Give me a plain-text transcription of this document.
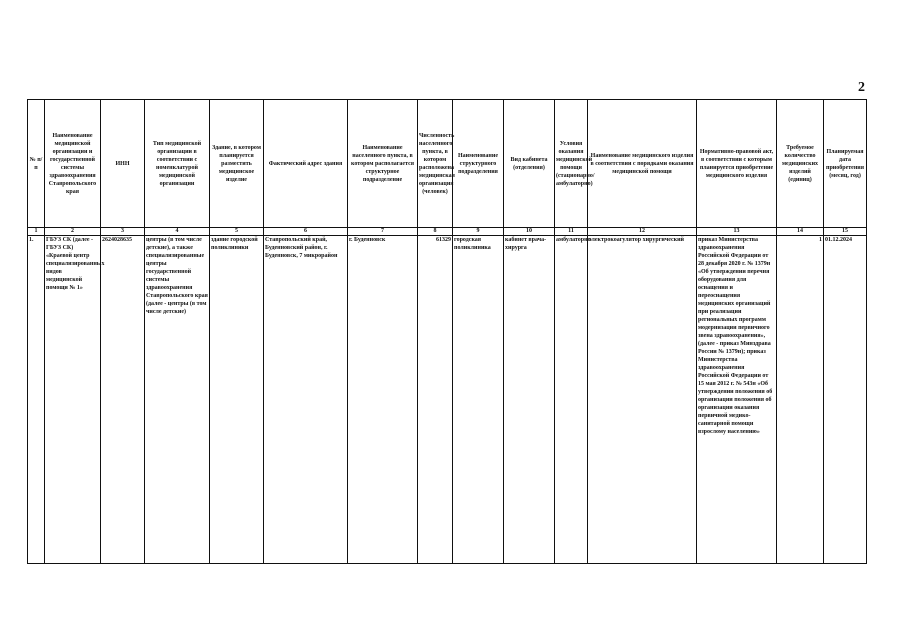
2
№ п/п	Наименование медицинской организации и государственной системы здравоохранения Ставропольского края	ИНН	Тип медицинской организации в соответствии с номенклатурой медицинской организации	Здание, в котором планируется разместить медицинское изделие	Фактический адрес здания	Наименование населенного пункта, в котором располагается структурное подразделение	Численность населенного пункта, в котором расположена медицинская организация (человек)	Наименование структурного подразделения	Вид кабинета (отделения)	Условия оказания медицинской помощи (стационарно/ амбулаторно)	Наименование медицинского изделия в соответствии с порядками оказания медицинской помощи	Нормативно-правовой акт, в соответствии с которым планируется приобретение медицинского изделия	Требуемое количество медицинских изделий (единиц)	Планируемая дата приобретения (месяц, год)
1	2	3	4	5	6	7	8	9	10	11	12	13	14	15
1.	ГБУЗ СК (далее - ГБУЗ СК) «Краевой центр специализированных видов медицинской помощи № 1»	2624028635	центры (в том числе детские), а также специализированные центры государственной системы здравоохранения Ставропольского края (далее - центры (в том числе детские)	здание городской поликлиники	Ставропольский край, Буденновский район, г. Буденновск, 7 микрорайон	г. Буденновск	61329	городская поликлиника	кабинет врача-хирурга	амбулаторно	электрокоагулятор хирургический	приказ Министерства здравоохранения Российской Федерации от 28 декабря 2020 г. № 1379н «Об утверждении перечня оборудования для оснащения и переоснащения медицинских организаций при реализации региональных программ модернизации первичного звена здравоохранения», (далее - приказ Минздрава России № 1379н); приказ Министерства здравоохранения Российской Федерации от 15 мая 2012 г. № 543н «Об утверждении положения об организации положения об организации оказания первичной медико-санитарной помощи взрослому населению»	1	01.12.2024
